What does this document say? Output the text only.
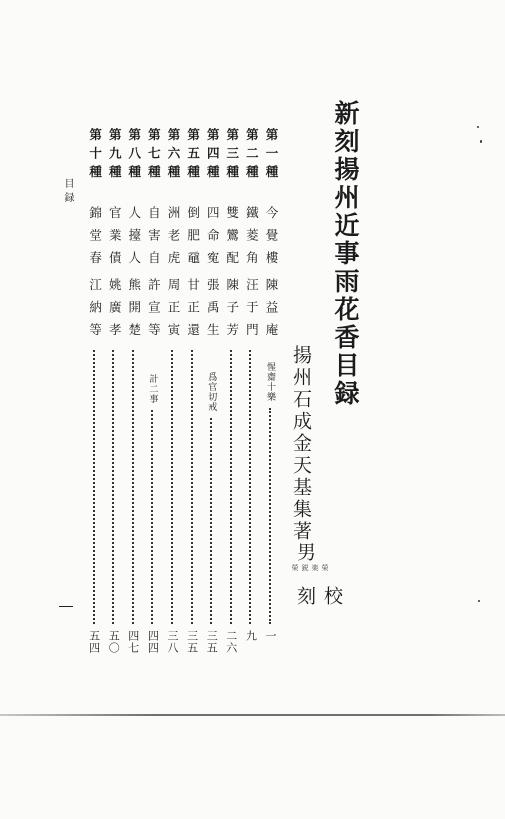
新刻揚州近事雨花香目録
揚州石成金天基集著
男
榮楽 鋭榮
校刻
第一種
今覺樓
陳益庵
惺齋十樂
一
第二種
鐵菱角
汪于門
九
第三種
雙鸞配
陳子芳
二六
第四種
四命寃
張禹生
爲官切戒
三五
第五種
倒肥黿
甘正還
三五
第六種
洲老虎
周正寅
三八
第七種
自害自
許宣等
計二事
四四
第八種
人擡人
熊開楚
四七
第九種
官業債
姚廣孝
五〇
第十種
錦堂春
江納等
五四
目録
